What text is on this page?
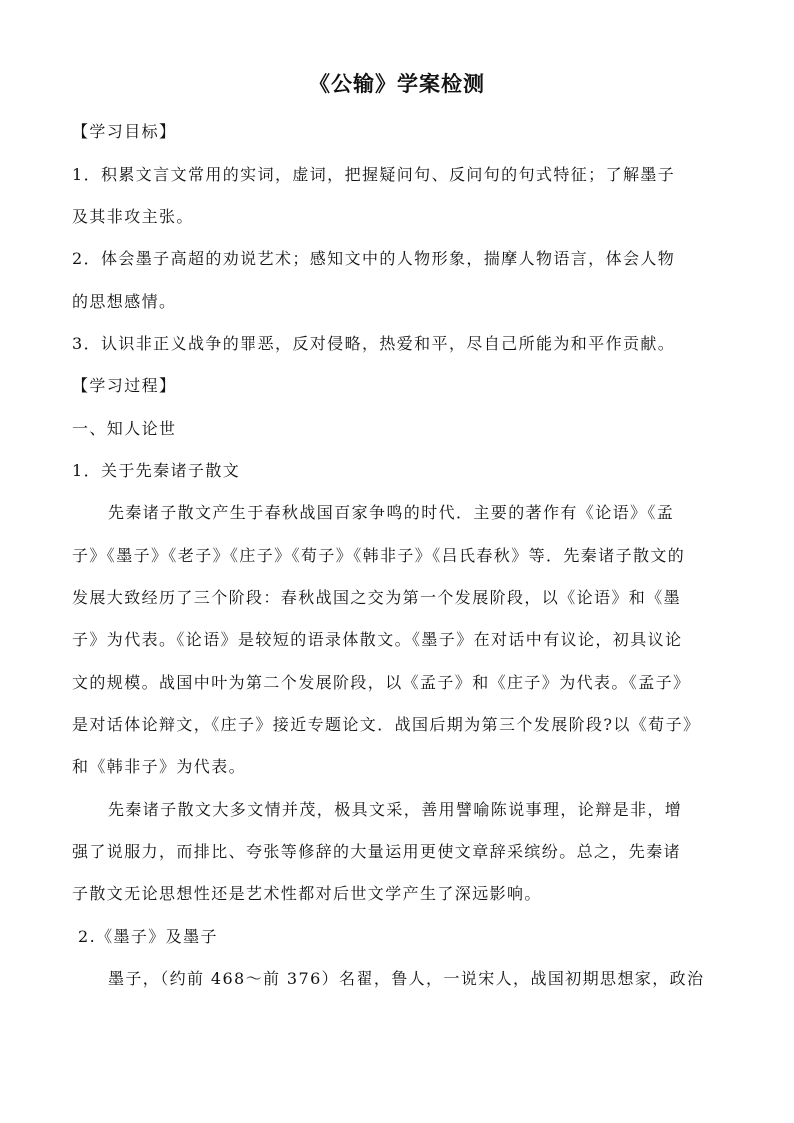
《公输》学案检测
【学习目标】
1．积累文言文常用的实词，虚词，把握疑问句、反问句的句式特征；了解墨子
及其非攻主张。
2．体会墨子高超的劝说艺术；感知文中的人物形象，揣摩人物语言，体会人物
的思想感情。
3．认识非正义战争的罪恶，反对侵略，热爱和平，尽自己所能为和平作贡献。
【学习过程】
一、知人论世
1．关于先秦诸子散文
先秦诸子散文产生于春秋战国百家争鸣的时代．主要的著作有《论语》《孟
子》《墨子》《老子》《庄子》《荀子》《韩非子》《吕氏春秋》等．先秦诸子散文的
发展大致经历了三个阶段：春秋战国之交为第一个发展阶段，以《论语》和《墨
子》为代表。《论语》是较短的语录体散文。《墨子》在对话中有议论，初具议论
文的规模。战国中叶为第二个发展阶段，以《孟子》和《庄子》为代表。《孟子》
是对话体论辩文，《庄子》接近专题论文．战国后期为第三个发展阶段?以《荀子》
和《韩非子》为代表。
先秦诸子散文大多文情并茂，极具文采，善用譬喻陈说事理，论辩是非，增
强了说服力，而排比、夸张等修辞的大量运用更使文章辞采缤纷。总之，先秦诸
子散文无论思想性还是艺术性都对后世文学产生了深远影响。
2.《墨子》及墨子
墨子，（约前 468～前 376）名翟，鲁人，一说宋人，战国初期思想家，政治
